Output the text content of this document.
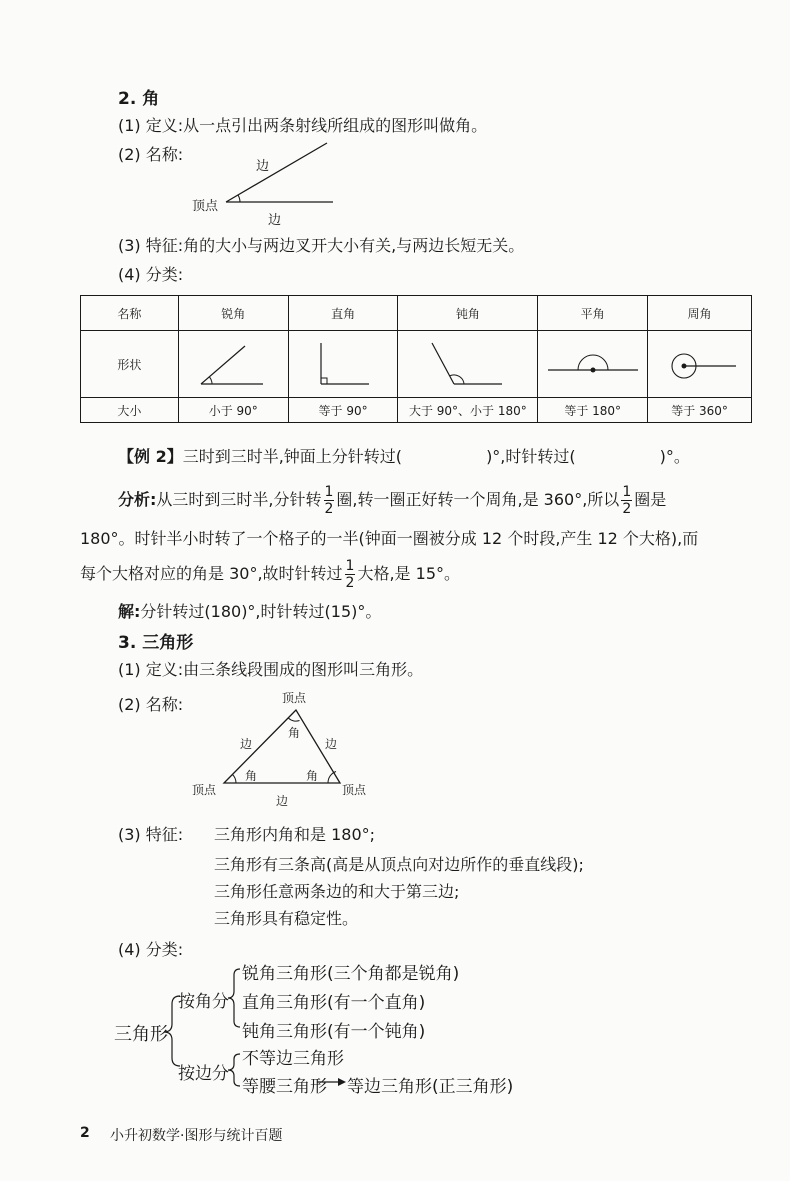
2. 角
(1) 定义:从一点引出两条射线所组成的图形叫做角。
(2) 名称:
顶点
边
边
(3) 特征:角的大小与两边叉开大小有关,与两边长短无关。
(4) 分类:
名称	锐角	直角	钝角	平角	周角
形状	

大小	小于 90°	等于 90°	大于 90°、小于 180°	等于 180°	等于 360°
【例 2】三时到三时半,钟面上分针转过(	)°,时针转过(	)°。
分析:从三时到三时半,分针转 $\frac{1}{2}$ 圈,转一圈正好转一个周角,是 360°,所以 $\frac{1}{2}$ 圈是
180°。时针半小时转了一个格子的一半(钟面一圈被分成 12 个时段,产生 12 个大格),而
每个大格对应的角是 30°,故时针转过 $\frac{1}{2}$ 大格,是 15°。
解:分针转过(180)°,时针转过(15)°。
3. 三角形
(1) 定义:由三条线段围成的图形叫三角形。
(2) 名称:	顶点
顶点	顶点
边	边
边
角
角	角
(3) 特征: 三角形内角和是 180°;
三角形有三条高(高是从顶点向对边所作的垂直线段);
三角形任意两条边的和大于第三边;
三角形具有稳定性。
(4) 分类:
三角形
按角分
按边分
锐角三角形(三个角都是锐角)
直角三角形(有一个直角)
钝角三角形(有一个钝角)
不等边三角形
等腰三角形 等边三角形(正三角形)
2 小升初数学·图形与统计百题
